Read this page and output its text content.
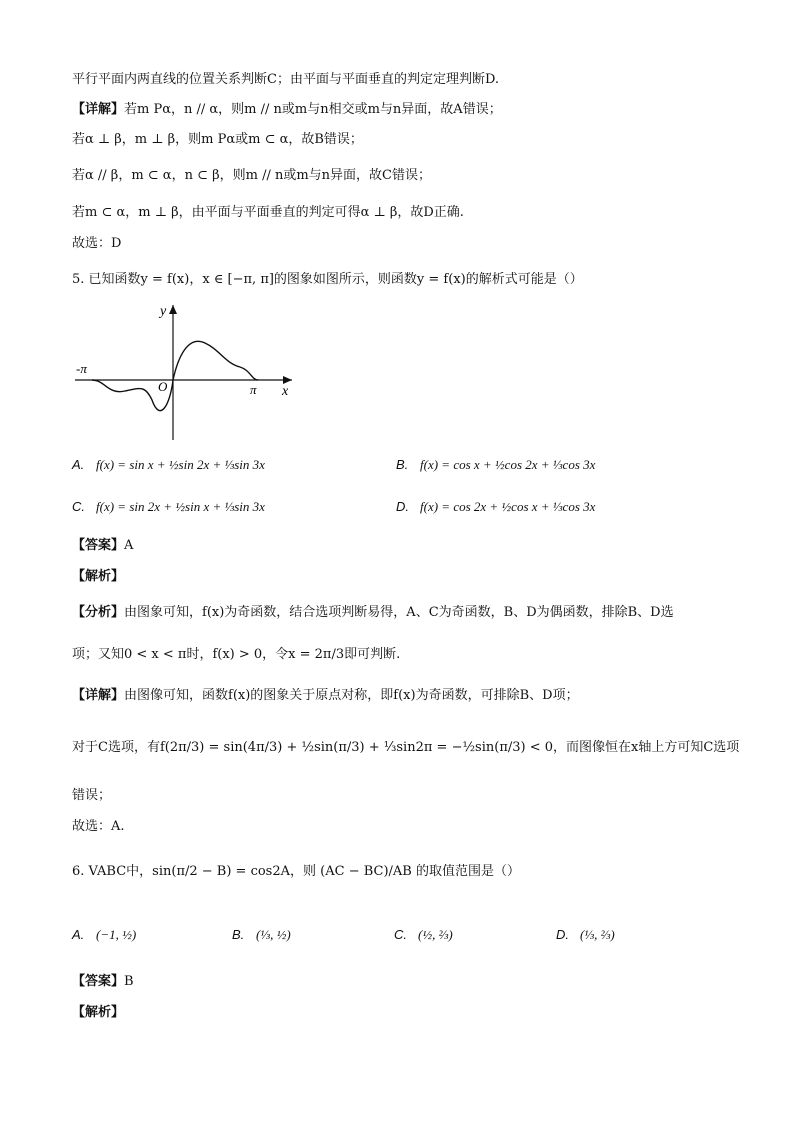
平行平面内两直线的位置关系判断C；由平面与平面垂直的判定定理判断D.
【详解】若m Pα，n // α，则m // n或m与n相交或m与n异面，故A错误；
若α ⊥ β，m ⊥ β，则m Pα或m ⊂ α，故B错误；
若α // β，m ⊂ α，n ⊂ β，则m // n或m与n异面，故C错误；
若m ⊂ α，m ⊥ β，由平面与平面垂直的判定可得α ⊥ β，故D正确.
故选：D
5. 已知函数y = f(x)，x ∈ [−π, π]的图象如图所示，则函数y = f(x)的解析式可能是（）
y
x
O
-π
π
A. f(x) = sin x + ½sin 2x + ⅓sin 3x	B. f(x) = cos x + ½cos 2x + ⅓cos 3x
C. f(x) = sin 2x + ½sin x + ⅓sin 3x	D. f(x) = cos 2x + ½cos x + ⅓cos 3x
【答案】A
【解析】
【分析】由图象可知，f(x)为奇函数，结合选项判断易得，A、C为奇函数，B、D为偶函数，排除B、D选
项；又知0 < x < π时，f(x) > 0，令x = 2π/3即可判断.
【详解】由图像可知，函数f(x)的图象关于原点对称，即f(x)为奇函数，可排除B、D项；
对于C选项，有f(2π/3) = sin(4π/3) + ½sin(π/3) + ⅓sin2π = −½sin(π/3) < 0，而图像恒在x轴上方可知C选项
错误；
故选：A.
6. VABC中，sin(π/2 − B) = cos2A，则 (AC − BC)/AB 的取值范围是（）
A. (−1, ½)	B. (⅓, ½)	C. (½, ⅔)	D. (⅓, ⅔)
【答案】B
【解析】
